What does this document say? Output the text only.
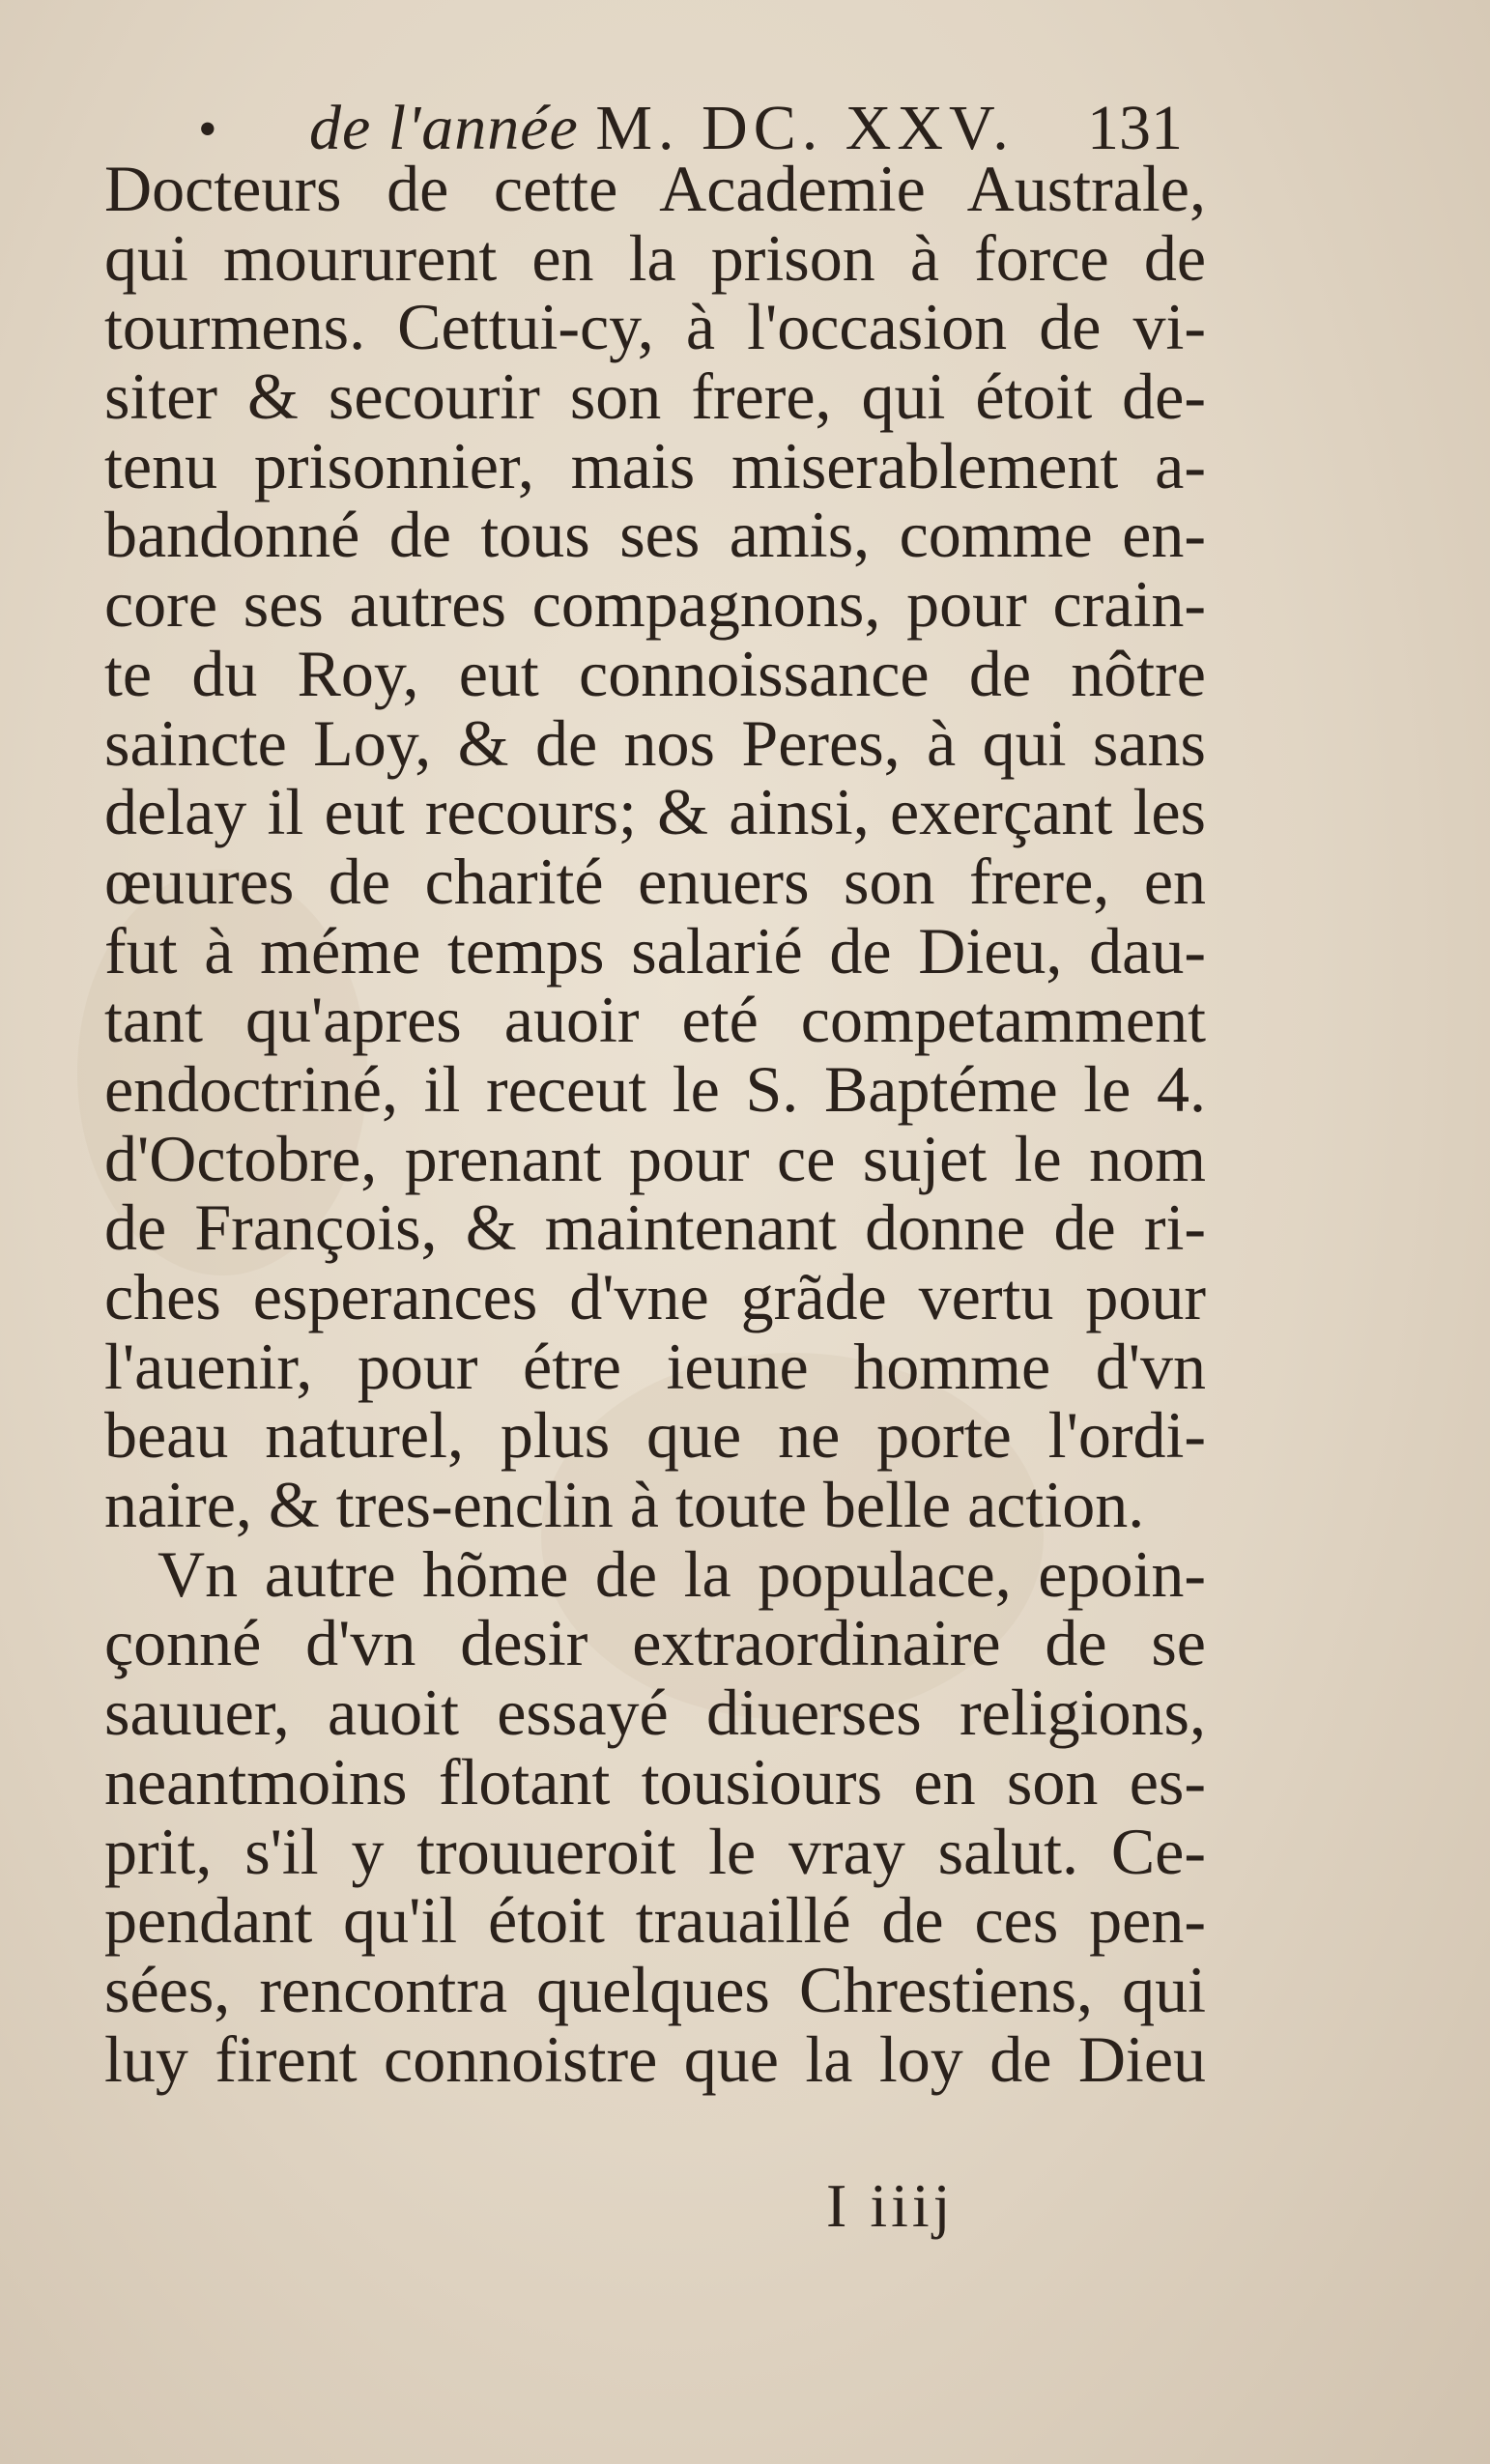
• de l'année M. DC. XXV. 131
Docteurs de cette Academie Australe,
qui moururent en la prison à force de
tourmens. Cettui-cy, à l'occasion de vi-
siter & secourir son frere, qui étoit de-
tenu prisonnier, mais miserablement a-
bandonné de tous ses amis, comme en-
core ses autres compagnons, pour crain-
te du Roy, eut connoissance de nôtre
saincte Loy, & de nos Peres, à qui sans
delay il eut recours; & ainsi, exerçant les
œuures de charité enuers son frere, en
fut à méme temps salarié de Dieu, dau-
tant qu'apres auoir eté competamment
endoctriné, il receut le S. Baptéme le 4.
d'Octobre, prenant pour ce sujet le nom
de François, & maintenant donne de ri-
ches esperances d'vne grãde vertu pour
l'auenir, pour étre ieune homme d'vn
beau naturel, plus que ne porte l'ordi-
naire, & tres-enclin à toute belle action.
Vn autre hõme de la populace, epoin-
çonné d'vn desir extraordinaire de se
sauuer, auoit essayé diuerses religions,
neantmoins flotant tousiours en son es-
prit, s'il y trouueroit le vray salut. Ce-
pendant qu'il étoit trauaillé de ces pen-
sées, rencontra quelques Chrestiens, qui
luy firent connoistre que la loy de Dieu
I iiij
